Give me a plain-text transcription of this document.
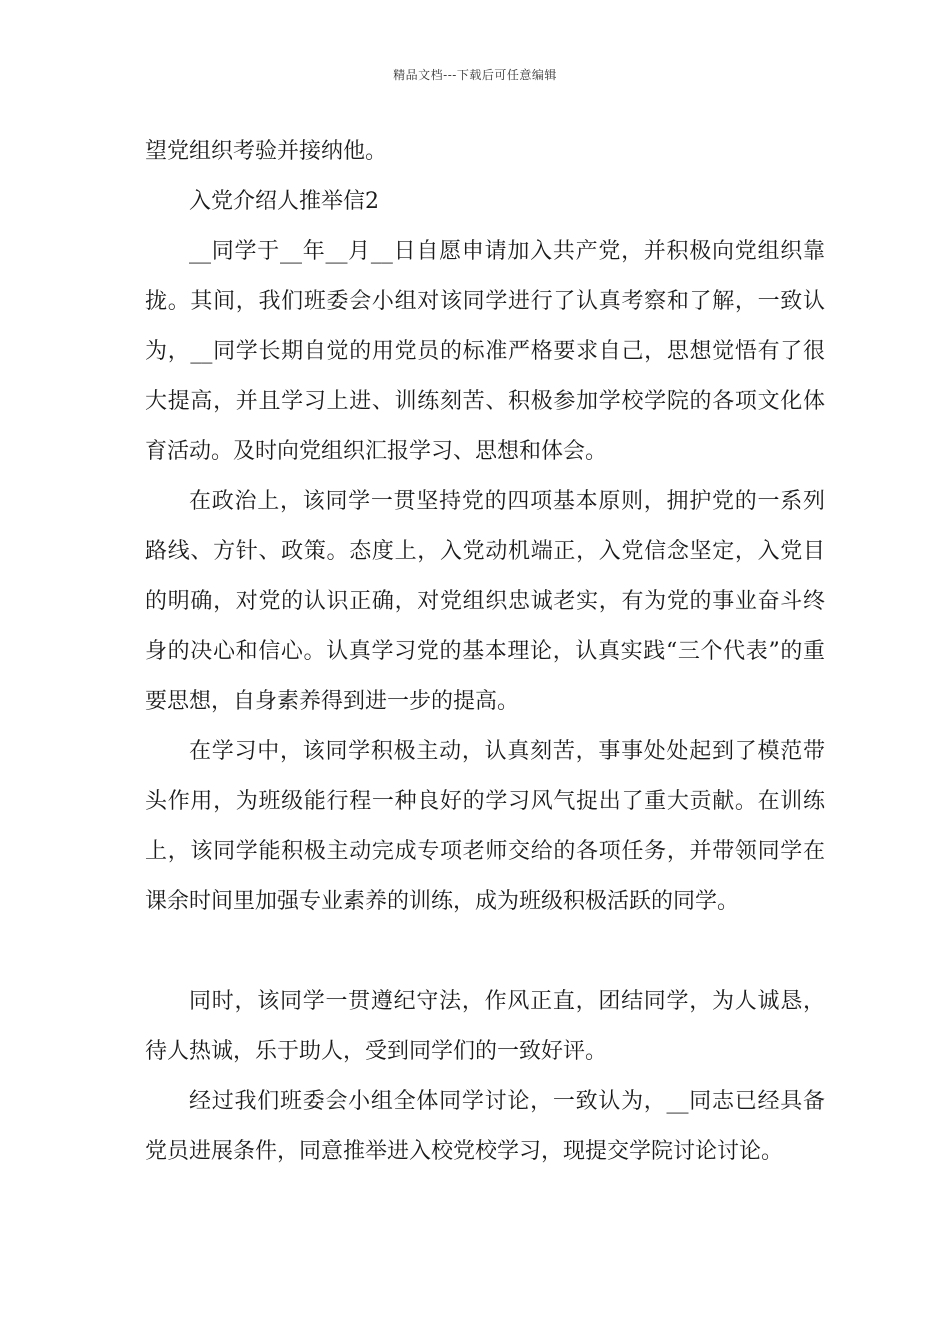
精品文档---下载后可任意编辑

望党组织考验并接纳他。

入党介绍人推举信2

__同学于__年__月__日自愿申请加入共产党，并积极向党组织靠拢。其间，我们班委会小组对该同学进行了认真考察和了解，一致认为，__同学长期自觉的用党员的标准严格要求自己，思想觉悟有了很大提高，并且学习上进、训练刻苦、积极参加学校学院的各项文化体育活动。及时向党组织汇报学习、思想和体会。

在政治上，该同学一贯坚持党的四项基本原则，拥护党的一系列路线、方针、政策。态度上，入党动机端正，入党信念坚定，入党目的明确，对党的认识正确，对党组织忠诚老实，有为党的事业奋斗终身的决心和信心。认真学习党的基本理论，认真实践“三个代表”的重要思想，自身素养得到进一步的提高。

在学习中，该同学积极主动，认真刻苦，事事处处起到了模范带头作用，为班级能行程一种良好的学习风气捉出了重大贡献。在训练上，该同学能积极主动完成专项老师交给的各项任务，并带领同学在课余时间里加强专业素养的训练，成为班级积极活跃的同学。

同时，该同学一贯遵纪守法，作风正直，团结同学，为人诚恳，待人热诚，乐于助人，受到同学们的一致好评。

经过我们班委会小组全体同学讨论，一致认为，__同志已经具备党员进展条件，同意推举进入校党校学习，现提交学院讨论讨论。
